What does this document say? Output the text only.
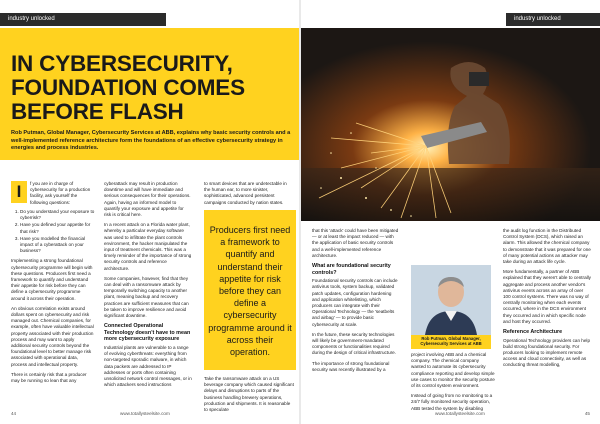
industry unlocked
IN CYBERSECURITY, FOUNDATION COMES BEFORE FLASH

Rob Putman, Global Manager, Cybersecurity Services at ABB, explains why basic security controls and a well-implemented reference architecture form the foundations of an effective cybersecurity strategy in energies and process industries.

I	f you are in charge of cybersecurity for a production facility, ask yourself the following questions:

1. Do you understand your exposure to cyberrisk?
2. Have you defined your appetite for that risk?
3. Have you modelled the financial impact of a cyberattack on your business?

Implementing a strong foundational cybersecurity programme will begin with these questions. Producers first need a framework to quantify and understand their appetite for risk before they can define a cybersecurity programme around it across their operation.

An obvious correlation exists around dollars spent on cybersecurity and risk managed out. Chemical companies, for example, often have valuable intellectual property associated with their production process and may want to apply additional security controls beyond the foundational level to better manage risk associated with operational data, process and intellectual property.

There is certainly risk that a producer may be running so lean that any

cyberattack may result in production downtime and will have immediate and serious consequences for their operations. Again, having an informed model to quantify your exposure and appetite for risk is critical here.

In a recent attack on a Florida water plant, whereby a particular everyday software was used to infiltrate the plant controls environment, the hacker manipulated the input of treatment chemicals. This was a timely reminder of the importance of strong security controls and reference architecture.

Some companies, however, find that they can deal with a ransomware attack by temporarily switching capacity to another plant, meaning backup and recovery practices are sufficient measures that can be taken to improve resilience and avoid significant downtime.

Connected Operational Technology doesn't have to mean more cybersecurity exposure

Industrial plants are vulnerable to a range of evolving cyberthreats: everything from non-targeted sporadic malware, in which data packets are addressed to IP addresses or ports often containing unsolicited network control messages, or in which attackers send instructions

to smart devices that are undetectable in the human ear, to more sinister, sophisticated, advanced persistent campaigns conducted by nation states.

Producers first need a framework to quantify and understand their appetite for risk before they can define a cybersecurity programme around it across their operation.

Take the ransomware attack on a US beverage company which caused significant delays and disruptions to parts of the business handling brewery operations, production and shipments. It is reasonable to speculate

44	www.totallysteelsite.com
industry unlocked

that this 'attack' could have been mitigated — or at least the impact reduced — with the application of basic security controls and a well-implemented reference architecture.

What are foundational security controls?

Foundational security controls can include antivirus tools, system backup, validated patch updates, configuration hardening and application whitelisting, which producers can integrate with their Operational Technology — the 'seatbelts and airbag' — to provide basic cybersecurity at scale.

In the future, these security technologies will likely be government-mandated components or functionalities required during the design of critical infrastructure.

The importance of strong foundational security was recently illustrated by a

Rob Putman, Global Manager, Cybersecurity Services at ABB

project involving ABB and a chemical company. The chemical company wanted to automate its cybersecurity compliance reporting and develop simple use cases to monitor the security posture of its control system environment.

Instead of going from no monitoring to a 24/7 fully monitored security operation, ABB tested the system by disabling

the audit log function in the Distributed Control System (DCS), which raised an alarm. This allowed the chemical company to demonstrate that it was prepared for one of many potential actions an attacker may take during an attack life cycle.

More fundamentally, a partner of ABB explained that they weren't able to centrally aggregate and process another vendor's antivirus events across an array of over 100 control systems. There was no way of centrally monitoring when each events occurred, where in the DCS environment they occurred and in which specific node and host they occurred.

Reference Architecture

Operational Technology providers can help build strong foundational security. For producers looking to implement remote access and cloud connectivity, as well as conducting threat modelling,

www.totallysteelsite.com	45
